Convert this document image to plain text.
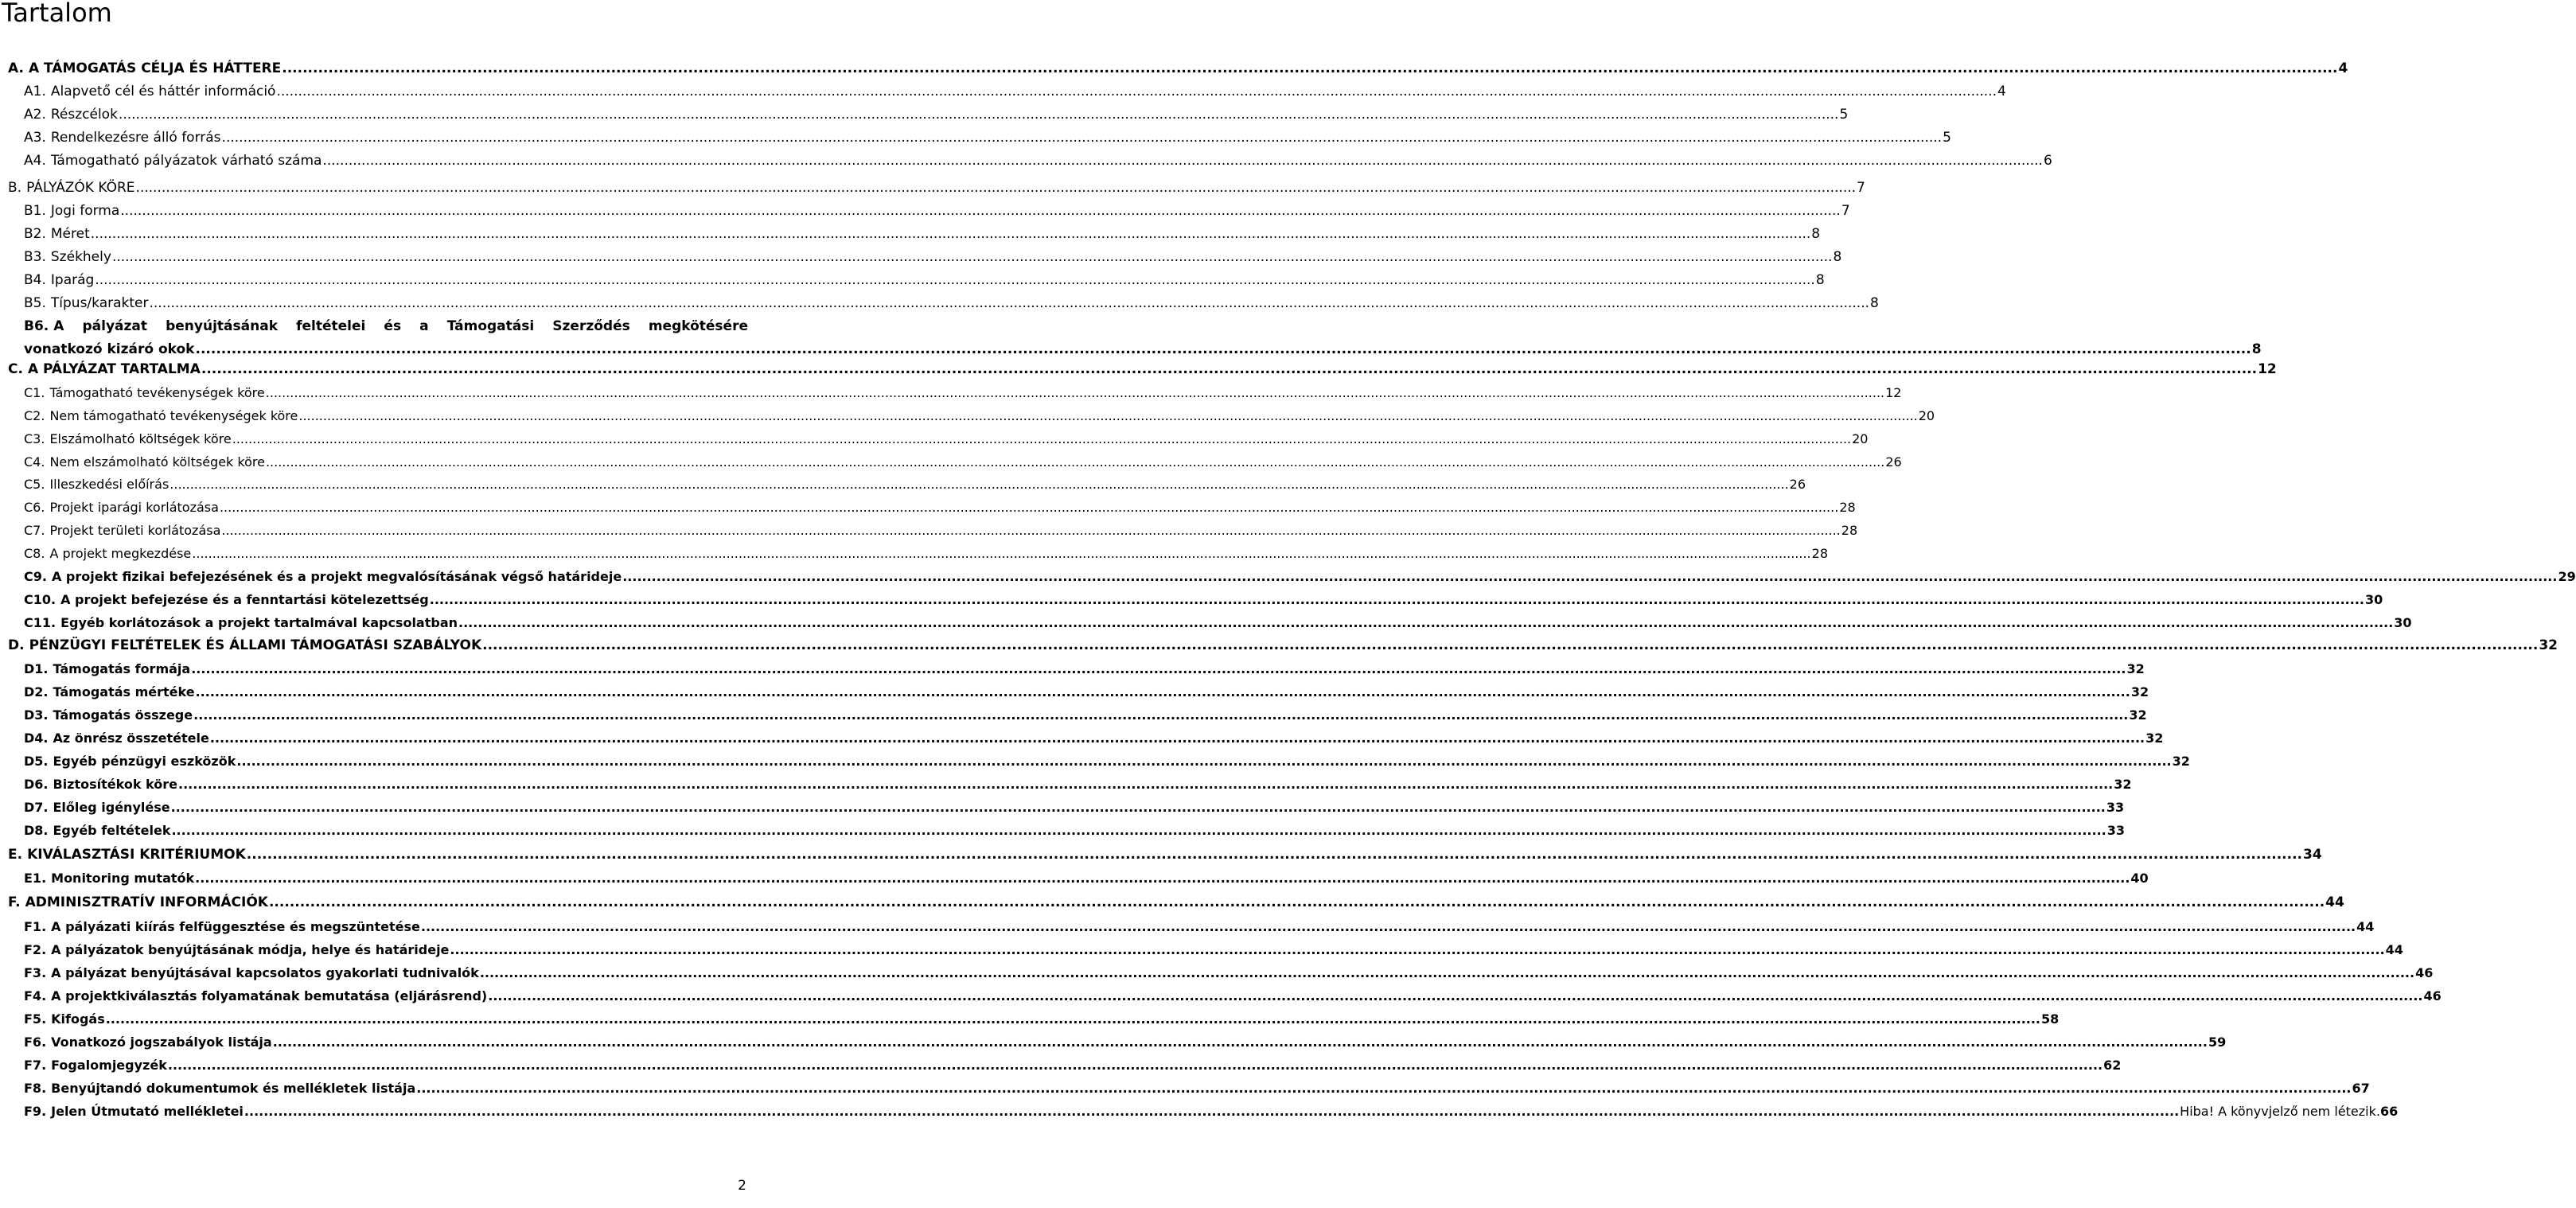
Tartalom
A. A TÁMOGATÁS CÉLJA ÉS HÁTTERE ................................................................................................................................................................................................................................................................................................................................................................................................................ 4
A1. Alapvető cél és háttér információ ................................................................................................................................................................................................................................................................................................................................................................................................................ 4
A2. Részcélok ................................................................................................................................................................................................................................................................................................................................................................................................................ 5
A3. Rendelkezésre álló forrás ................................................................................................................................................................................................................................................................................................................................................................................................................ 5
A4. Támogatható pályázatok várható száma ................................................................................................................................................................................................................................................................................................................................................................................................................ 6
B. PÁLYÁZÓK KÖRE ................................................................................................................................................................................................................................................................................................................................................................................................................ 7
B1. Jogi forma ................................................................................................................................................................................................................................................................................................................................................................................................................ 7
B2. Méret ................................................................................................................................................................................................................................................................................................................................................................................................................ 8
B3. Székhely ................................................................................................................................................................................................................................................................................................................................................................................................................ 8
B4. Iparág ................................................................................................................................................................................................................................................................................................................................................................................................................ 8
B5. Típus/karakter ................................................................................................................................................................................................................................................................................................................................................................................................................ 8
B6. A pályázat benyújtásának feltételei és a Támogatási Szerződés megkötésére
vonatkozó kizáró okok ................................................................................................................................................................................................................................................................................................................................................................................................................ 8
C. A PÁLYÁZAT TARTALMA ................................................................................................................................................................................................................................................................................................................................................................................................................ 12
C1. Támogatható tevékenységek köre ................................................................................................................................................................................................................................................................................................................................................................................................................ 12
C2. Nem támogatható tevékenységek köre ................................................................................................................................................................................................................................................................................................................................................................................................................ 20
C3. Elszámolható költségek köre ................................................................................................................................................................................................................................................................................................................................................................................................................ 20
C4. Nem elszámolható költségek köre ................................................................................................................................................................................................................................................................................................................................................................................................................ 26
C5. Illeszkedési előírás ................................................................................................................................................................................................................................................................................................................................................................................................................ 26
C6. Projekt iparági korlátozása ................................................................................................................................................................................................................................................................................................................................................................................................................ 28
C7. Projekt területi korlátozása ................................................................................................................................................................................................................................................................................................................................................................................................................ 28
C8. A projekt megkezdése ................................................................................................................................................................................................................................................................................................................................................................................................................ 28
C9. A projekt fizikai befejezésének és a projekt megvalósításának végső határideje ................................................................................................................................................................................................................................................................................................................................................................................................................ 29
C10. A projekt befejezése és a fenntartási kötelezettség ................................................................................................................................................................................................................................................................................................................................................................................................................ 30
C11. Egyéb korlátozások a projekt tartalmával kapcsolatban ................................................................................................................................................................................................................................................................................................................................................................................................................ 30
D. PÉNZÜGYI FELTÉTELEK ÉS ÁLLAMI TÁMOGATÁSI SZABÁLYOK ................................................................................................................................................................................................................................................................................................................................................................................................................ 32
D1. Támogatás formája ................................................................................................................................................................................................................................................................................................................................................................................................................ 32
D2. Támogatás mértéke ................................................................................................................................................................................................................................................................................................................................................................................................................ 32
D3. Támogatás összege ................................................................................................................................................................................................................................................................................................................................................................................................................ 32
D4. Az önrész összetétele ................................................................................................................................................................................................................................................................................................................................................................................................................ 32
D5. Egyéb pénzügyi eszközök ................................................................................................................................................................................................................................................................................................................................................................................................................ 32
D6. Biztosítékok köre ................................................................................................................................................................................................................................................................................................................................................................................................................ 32
D7. Előleg igénylése ................................................................................................................................................................................................................................................................................................................................................................................................................ 33
D8. Egyéb feltételek ................................................................................................................................................................................................................................................................................................................................................................................................................ 33
E. KIVÁLASZTÁSI KRITÉRIUMOK ................................................................................................................................................................................................................................................................................................................................................................................................................ 34
E1. Monitoring mutatók ................................................................................................................................................................................................................................................................................................................................................................................................................ 40
F. ADMINISZTRATÍV INFORMÁCIÓK ................................................................................................................................................................................................................................................................................................................................................................................................................ 44
F1. A pályázati kiírás felfüggesztése és megszüntetése ................................................................................................................................................................................................................................................................................................................................................................................................................ 44
F2. A pályázatok benyújtásának módja, helye és határideje ................................................................................................................................................................................................................................................................................................................................................................................................................ 44
F3. A pályázat benyújtásával kapcsolatos gyakorlati tudnivalók ................................................................................................................................................................................................................................................................................................................................................................................................................ 46
F4. A projektkiválasztás folyamatának bemutatása (eljárásrend) ................................................................................................................................................................................................................................................................................................................................................................................................................ 46
F5. Kifogás ................................................................................................................................................................................................................................................................................................................................................................................................................ 58
F6. Vonatkozó jogszabályok listája ................................................................................................................................................................................................................................................................................................................................................................................................................ 59
F7. Fogalomjegyzék ................................................................................................................................................................................................................................................................................................................................................................................................................ 62
F8. Benyújtandó dokumentumok és mellékletek listája ................................................................................................................................................................................................................................................................................................................................................................................................................ 67
F9. Jelen Útmutató mellékletei ................................................................................................................................................................................................................................................................................................................................................................................................................ Hiba! A könyvjelző nem létezik. 66
2
